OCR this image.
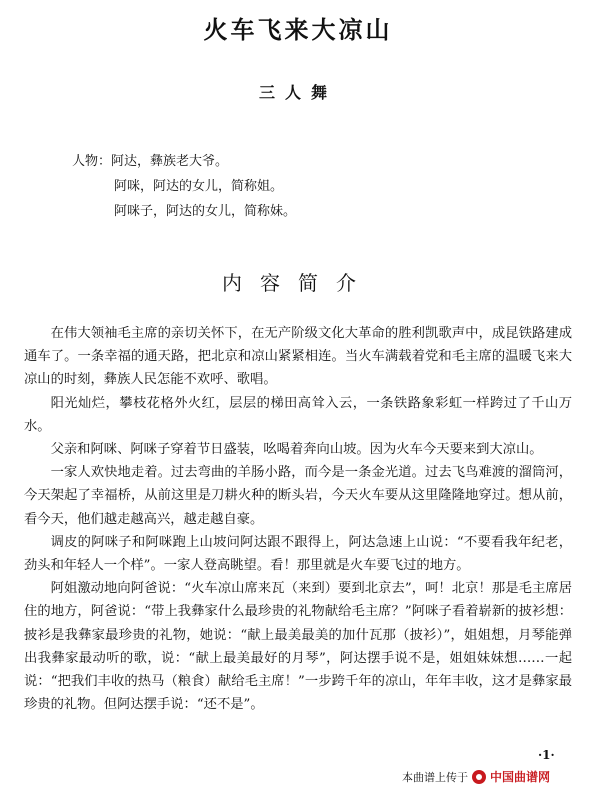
火车飞来大凉山
三人舞
人物：阿达，彝族老大爷。
阿咪，阿达的女儿，简称姐。
阿咪子，阿达的女儿，简称妹。
内容简介

在伟大领袖毛主席的亲切关怀下，在无产阶级文化大革命的胜利凯歌声中，成昆铁路建成通车了。一条幸福的通天路，把北京和凉山紧紧相连。当火车满载着党和毛主席的温暖飞来大凉山的时刻，彝族人民怎能不欢呼、歌唱。

阳光灿烂，攀枝花格外火红，层层的梯田高耸入云，一条铁路象彩虹一样跨过了千山万水。

父亲和阿咪、阿咪子穿着节日盛装，吆喝着奔向山坡。因为火车今天要来到大凉山。

一家人欢快地走着。过去弯曲的羊肠小路，而今是一条金光道。过去飞鸟难渡的溜筒河，今天架起了幸福桥，从前这里是刀耕火种的断头岩，今天火车要从这里隆隆地穿过。想从前，看今天，他们越走越高兴，越走越自豪。

调皮的阿咪子和阿咪跑上山坡问阿达跟不跟得上，阿达急速上山说：“不要看我年纪老，劲头和年轻人一个样”。一家人登高眺望。看！那里就是火车要飞过的地方。

阿姐激动地向阿爸说：“火车凉山席来瓦（来到）要到北京去”，呵！北京！那是毛主席居住的地方，阿爸说：“带上我彝家什么最珍贵的礼物献给毛主席？”阿咪子看着崭新的披衫想：披衫是我彝家最珍贵的礼物，她说：“献上最美最美的加什瓦那（披衫）”，姐姐想，月琴能弹出我彝家最动听的歌，说：“献上最美最好的月琴”，阿达摆手说不是，姐姐妹妹想……一起说：“把我们丰收的热马（粮食）献给毛主席！”一步跨千年的凉山，年年丰收，这才是彝家最珍贵的礼物。但阿达摆手说：“还不是”。

·1·
本曲谱上传于 中国曲谱网
